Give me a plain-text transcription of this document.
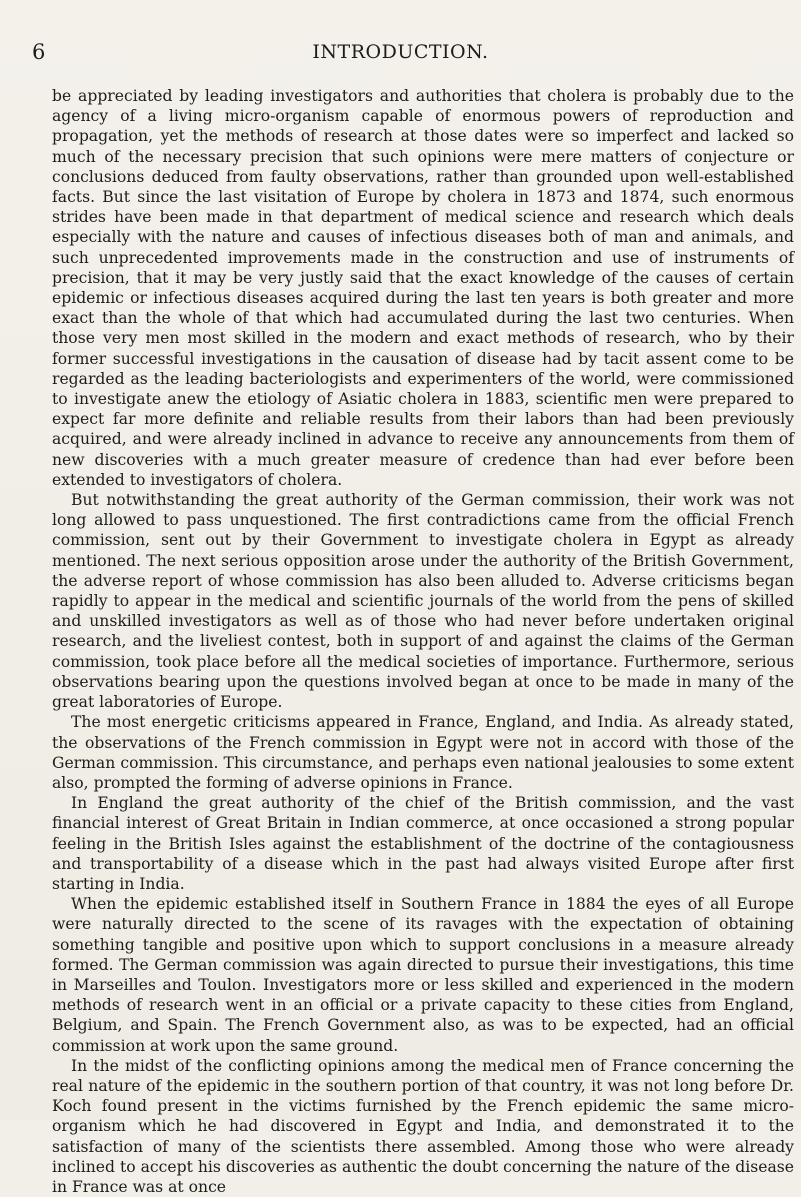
6	INTRODUCTION.

be appreciated by leading investigators and authorities that cholera is probably due to the agency of a living micro-organism capable of enormous powers of reproduction and propagation, yet the methods of research at those dates were so imperfect and lacked so much of the necessary precision that such opinions were mere matters of conjecture or conclusions deduced from faulty observations, rather than grounded upon well-established facts. But since the last visitation of Europe by cholera in 1873 and 1874, such enormous strides have been made in that department of medical science and research which deals especially with the nature and causes of infectious diseases both of man and animals, and such unprecedented improvements made in the construction and use of instruments of precision, that it may be very justly said that the exact knowledge of the causes of certain epidemic or infectious diseases acquired during the last ten years is both greater and more exact than the whole of that which had accumulated during the last two centuries. When those very men most skilled in the modern and exact methods of research, who by their former successful investigations in the causation of disease had by tacit assent come to be regarded as the leading bacteriologists and experimenters of the world, were commissioned to investigate anew the etiology of Asiatic cholera in 1883, scientific men were prepared to expect far more definite and reliable results from their labors than had been previously acquired, and were already inclined in advance to receive any announcements from them of new discoveries with a much greater measure of credence than had ever before been extended to investigators of cholera.

But notwithstanding the great authority of the German commission, their work was not long allowed to pass unquestioned. The first contradictions came from the official French commission, sent out by their Government to investigate cholera in Egypt as already mentioned. The next serious opposition arose under the authority of the British Government, the adverse report of whose commission has also been alluded to. Adverse criticisms began rapidly to appear in the medical and scientific journals of the world from the pens of skilled and unskilled investigators as well as of those who had never before undertaken original research, and the liveliest contest, both in support of and against the claims of the German commission, took place before all the medical societies of importance. Furthermore, serious observations bearing upon the questions involved began at once to be made in many of the great laboratories of Europe.

The most energetic criticisms appeared in France, England, and India. As already stated, the observations of the French commission in Egypt were not in accord with those of the German commission. This circumstance, and perhaps even national jealousies to some extent also, prompted the forming of adverse opinions in France.

In England the great authority of the chief of the British commission, and the vast financial interest of Great Britain in Indian commerce, at once occasioned a strong popular feeling in the British Isles against the establishment of the doctrine of the contagiousness and transportability of a disease which in the past had always visited Europe after first starting in India.

When the epidemic established itself in Southern France in 1884 the eyes of all Europe were naturally directed to the scene of its ravages with the expectation of obtaining something tangible and positive upon which to support conclusions in a measure already formed. The German commission was again directed to pursue their investigations, this time in Marseilles and Toulon. Investigators more or less skilled and experienced in the modern methods of research went in an official or a private capacity to these cities from England, Belgium, and Spain. The French Government also, as was to be expected, had an official commission at work upon the same ground.

In the midst of the conflicting opinions among the medical men of France concerning the real nature of the epidemic in the southern portion of that country, it was not long before Dr. Koch found present in the victims furnished by the French epidemic the same micro-organism which he had discovered in Egypt and India, and demonstrated it to the satisfaction of many of the scientists there assembled. Among those who were already inclined to accept his discoveries as authentic the doubt concerning the nature of the disease in France was at once
